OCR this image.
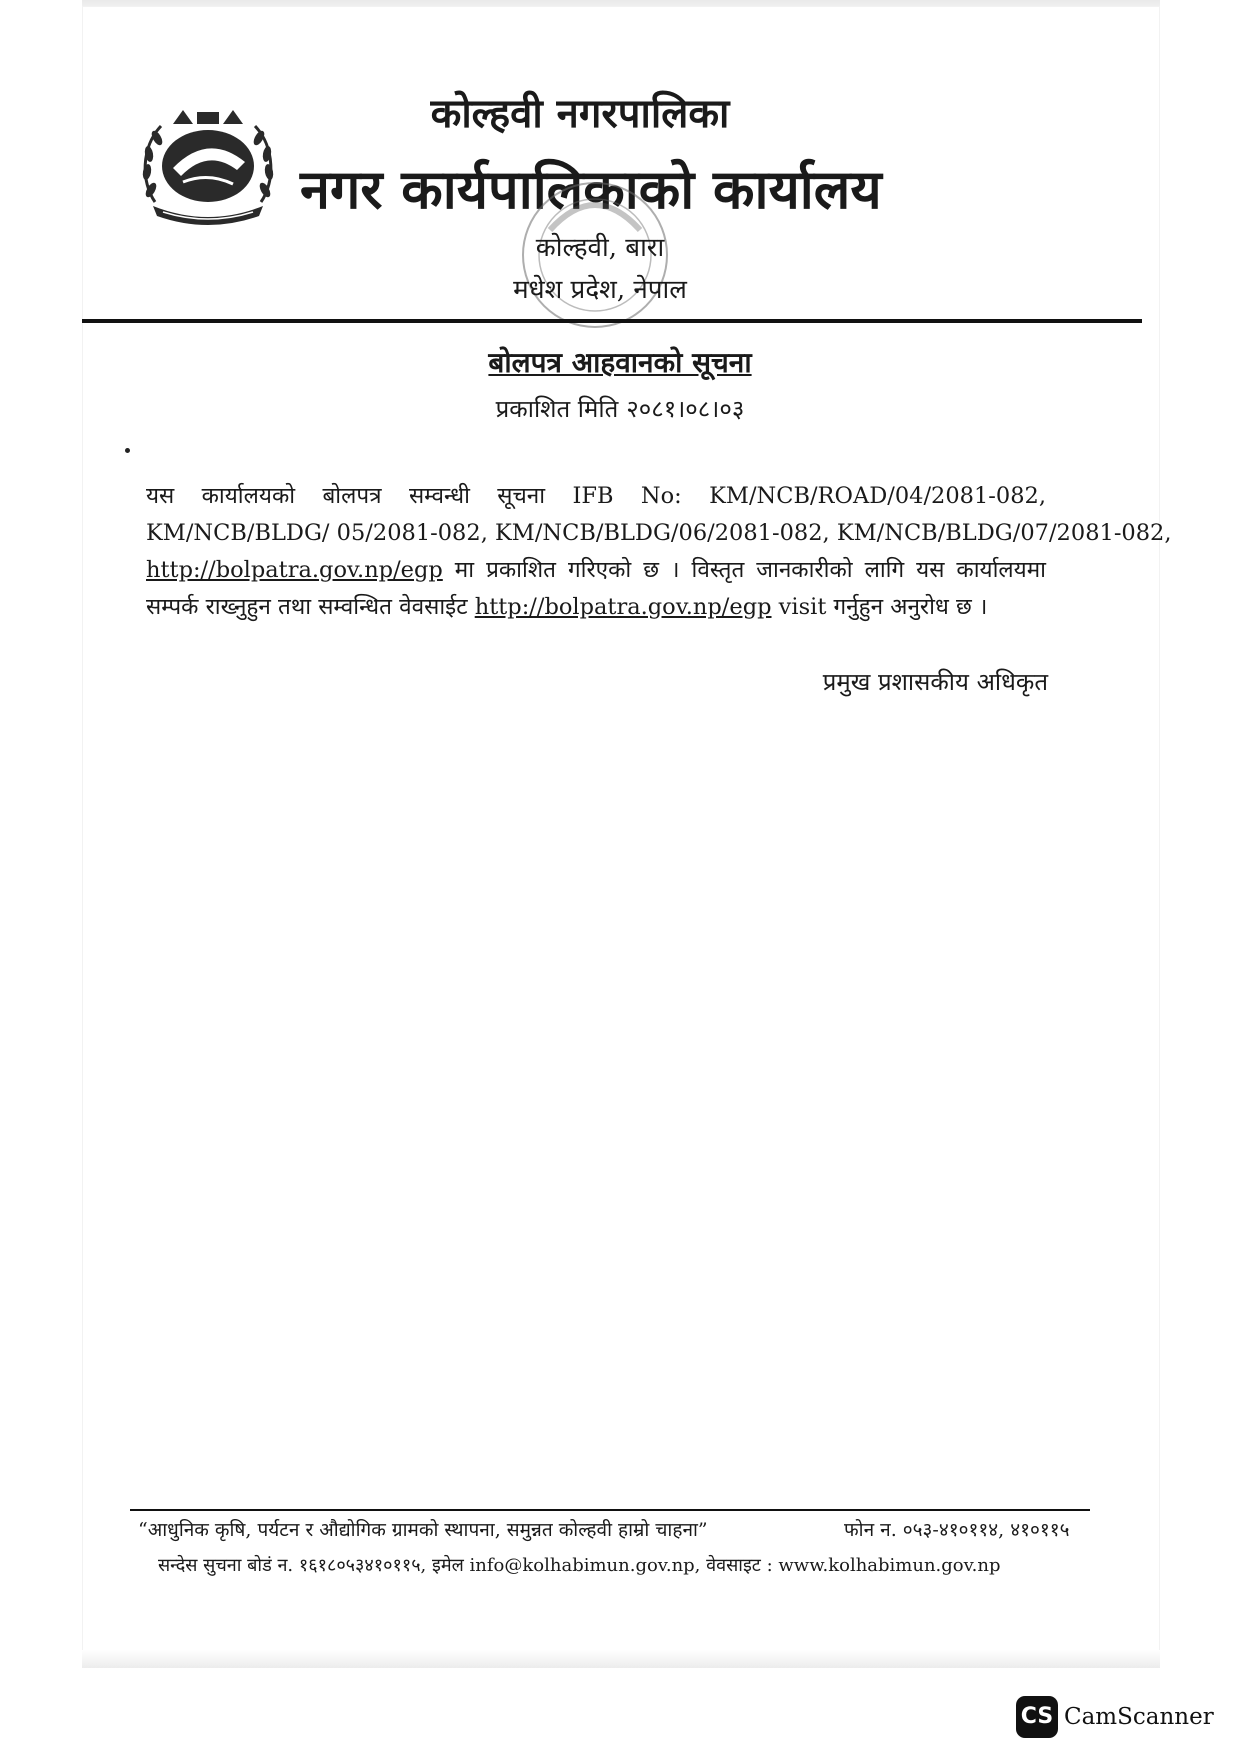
कोल्हवी नगरपालिका
नगर कार्यपालिकाको कार्यालय
कोल्हवी, बारा
मधेश प्रदेश, नेपाल
बोलपत्र आहवानको सूचना
प्रकाशित मिति २०८१।०८।०३
यस कार्यालयको बोलपत्र सम्वन्धी सूचना IFB No: KM/NCB/ROAD/04/2081-082,
KM/NCB/BLDG/ 05/2081-082, KM/NCB/BLDG/06/2081-082, KM/NCB/BLDG/07/2081-082,
http://bolpatra.gov.np/egp मा प्रकाशित गरिएको छ । विस्तृत जानकारीको लागि यस कार्यालयमा
सम्पर्क राख्नुहुन तथा सम्वन्धित वेवसाईट http://bolpatra.gov.np/egp visit गर्नुहुन अनुरोध छ ।
प्रमुख प्रशासकीय अधिकृत
“आधुनिक कृषि, पर्यटन र औद्योगिक ग्रामको स्थापना, समुन्नत कोल्हवी हाम्रो चाहना”	फोन न. ०५३-४१०११४, ४१०११५
सन्देस सुचना बोडं न. १६१८०५३४१०११५, इमेल info@kolhabimun.gov.np, वेवसाइट : www.kolhabimun.gov.np
CS CamScanner
